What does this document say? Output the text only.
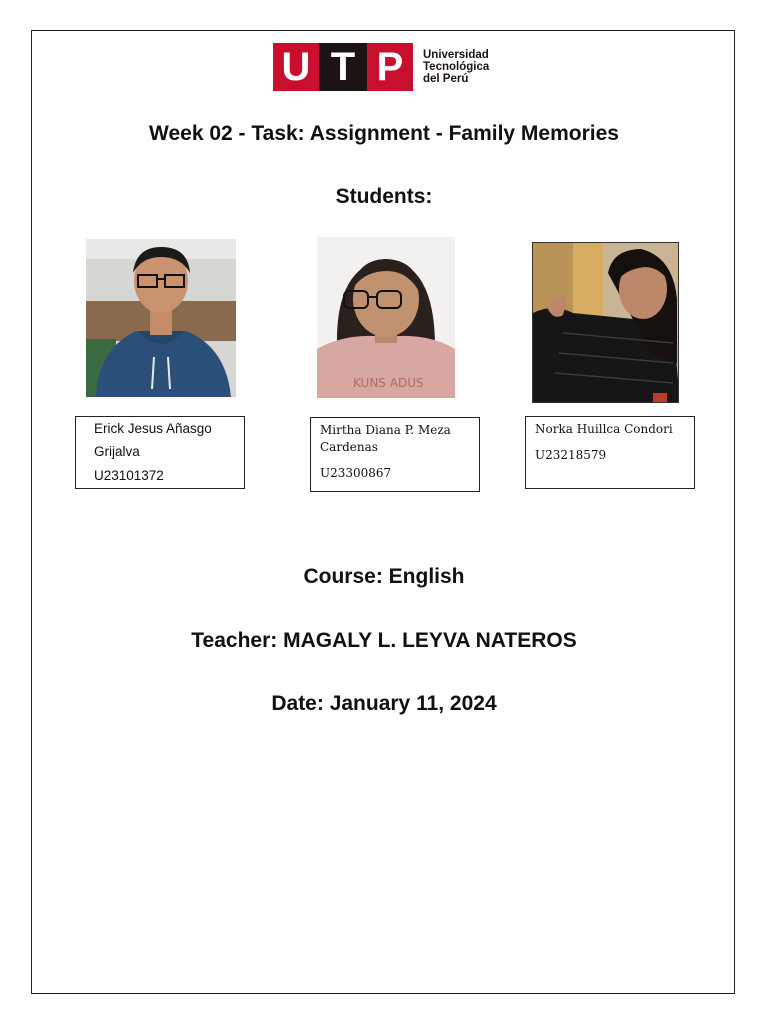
U T P	Universidad
Tecnológica
del Perú
Week 02 - Task: Assignment - Family Memories
Students:
KUNS ADUS
Erick Jesus Añasgo
Grijalva
U23101372
Mirtha Diana P. Meza
Cardenas
U23300867
Norka Huillca Condori
U23218579
Course: English
Teacher: MAGALY L. LEYVA NATEROS
Date: January 11, 2024
